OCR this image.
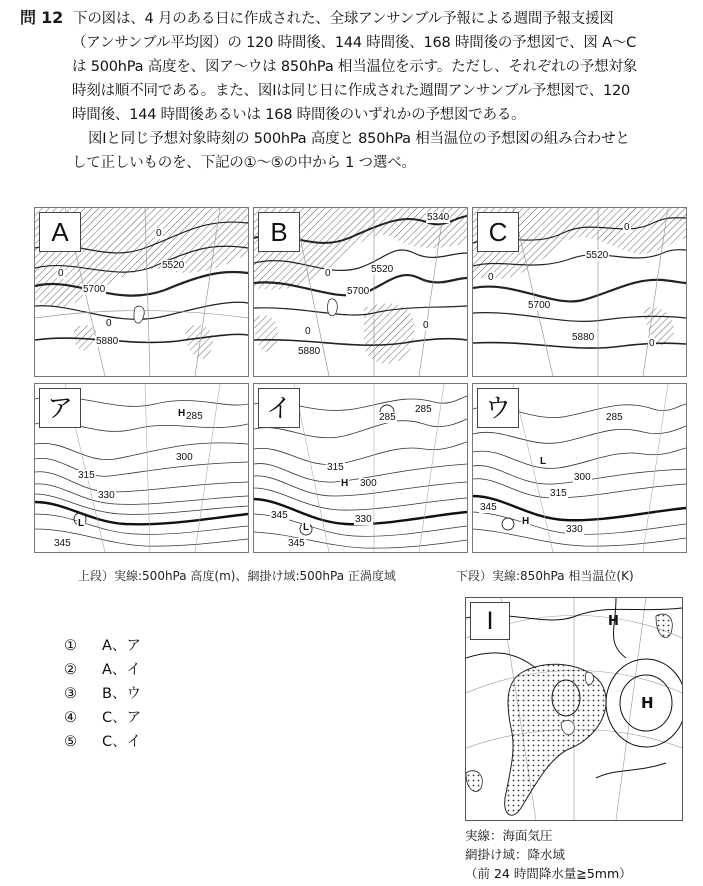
問 12 下の図は、4 月のある日に作成された、全球アンサンブル予報による週間予報支援図

（アンサンブル平均図）の 120 時間後、144 時間後、168 時間後の予想図で、図 A〜C

は 500hPa 高度を、図ア〜ウは 850hPa 相当温位を示す。ただし、それぞれの予想対象

時刻は順不同である。また、図Ⅰは同じ日に作成された週間アンサンブル予想図で、120

時間後、144 時間後あるいは 168 時間後のいずれかの予想図である。

図Ⅰと同じ予想対象時刻の 500hPa 高度と 850hPa 相当温位の予想図の組み合わせと

して正しいものを、下記の①〜⑤の中から 1 つ選べ。

A
5520
5700
5880
0
0
0
B	5340
5520
5700
5880
0
0
0
C
5520
5700
5880
0
0
0
ア	285
300
315
330
345
H
L
イ	285
285
300
315
330
345
345
H
L
ウ	285
300
315
330
345
H
L
上段）実線:500hPa 高度(m)、網掛け域:500hPa 正渦度域	下段）実線:850hPa 相当温位(K)
①	A、ア
②	A、イ
③	B、ウ
④	C、ア
⑤	C、イ
Ⅰ	H
H
実線：海面気圧
網掛け域：降水域
（前 24 時間降水量≧5mm）
